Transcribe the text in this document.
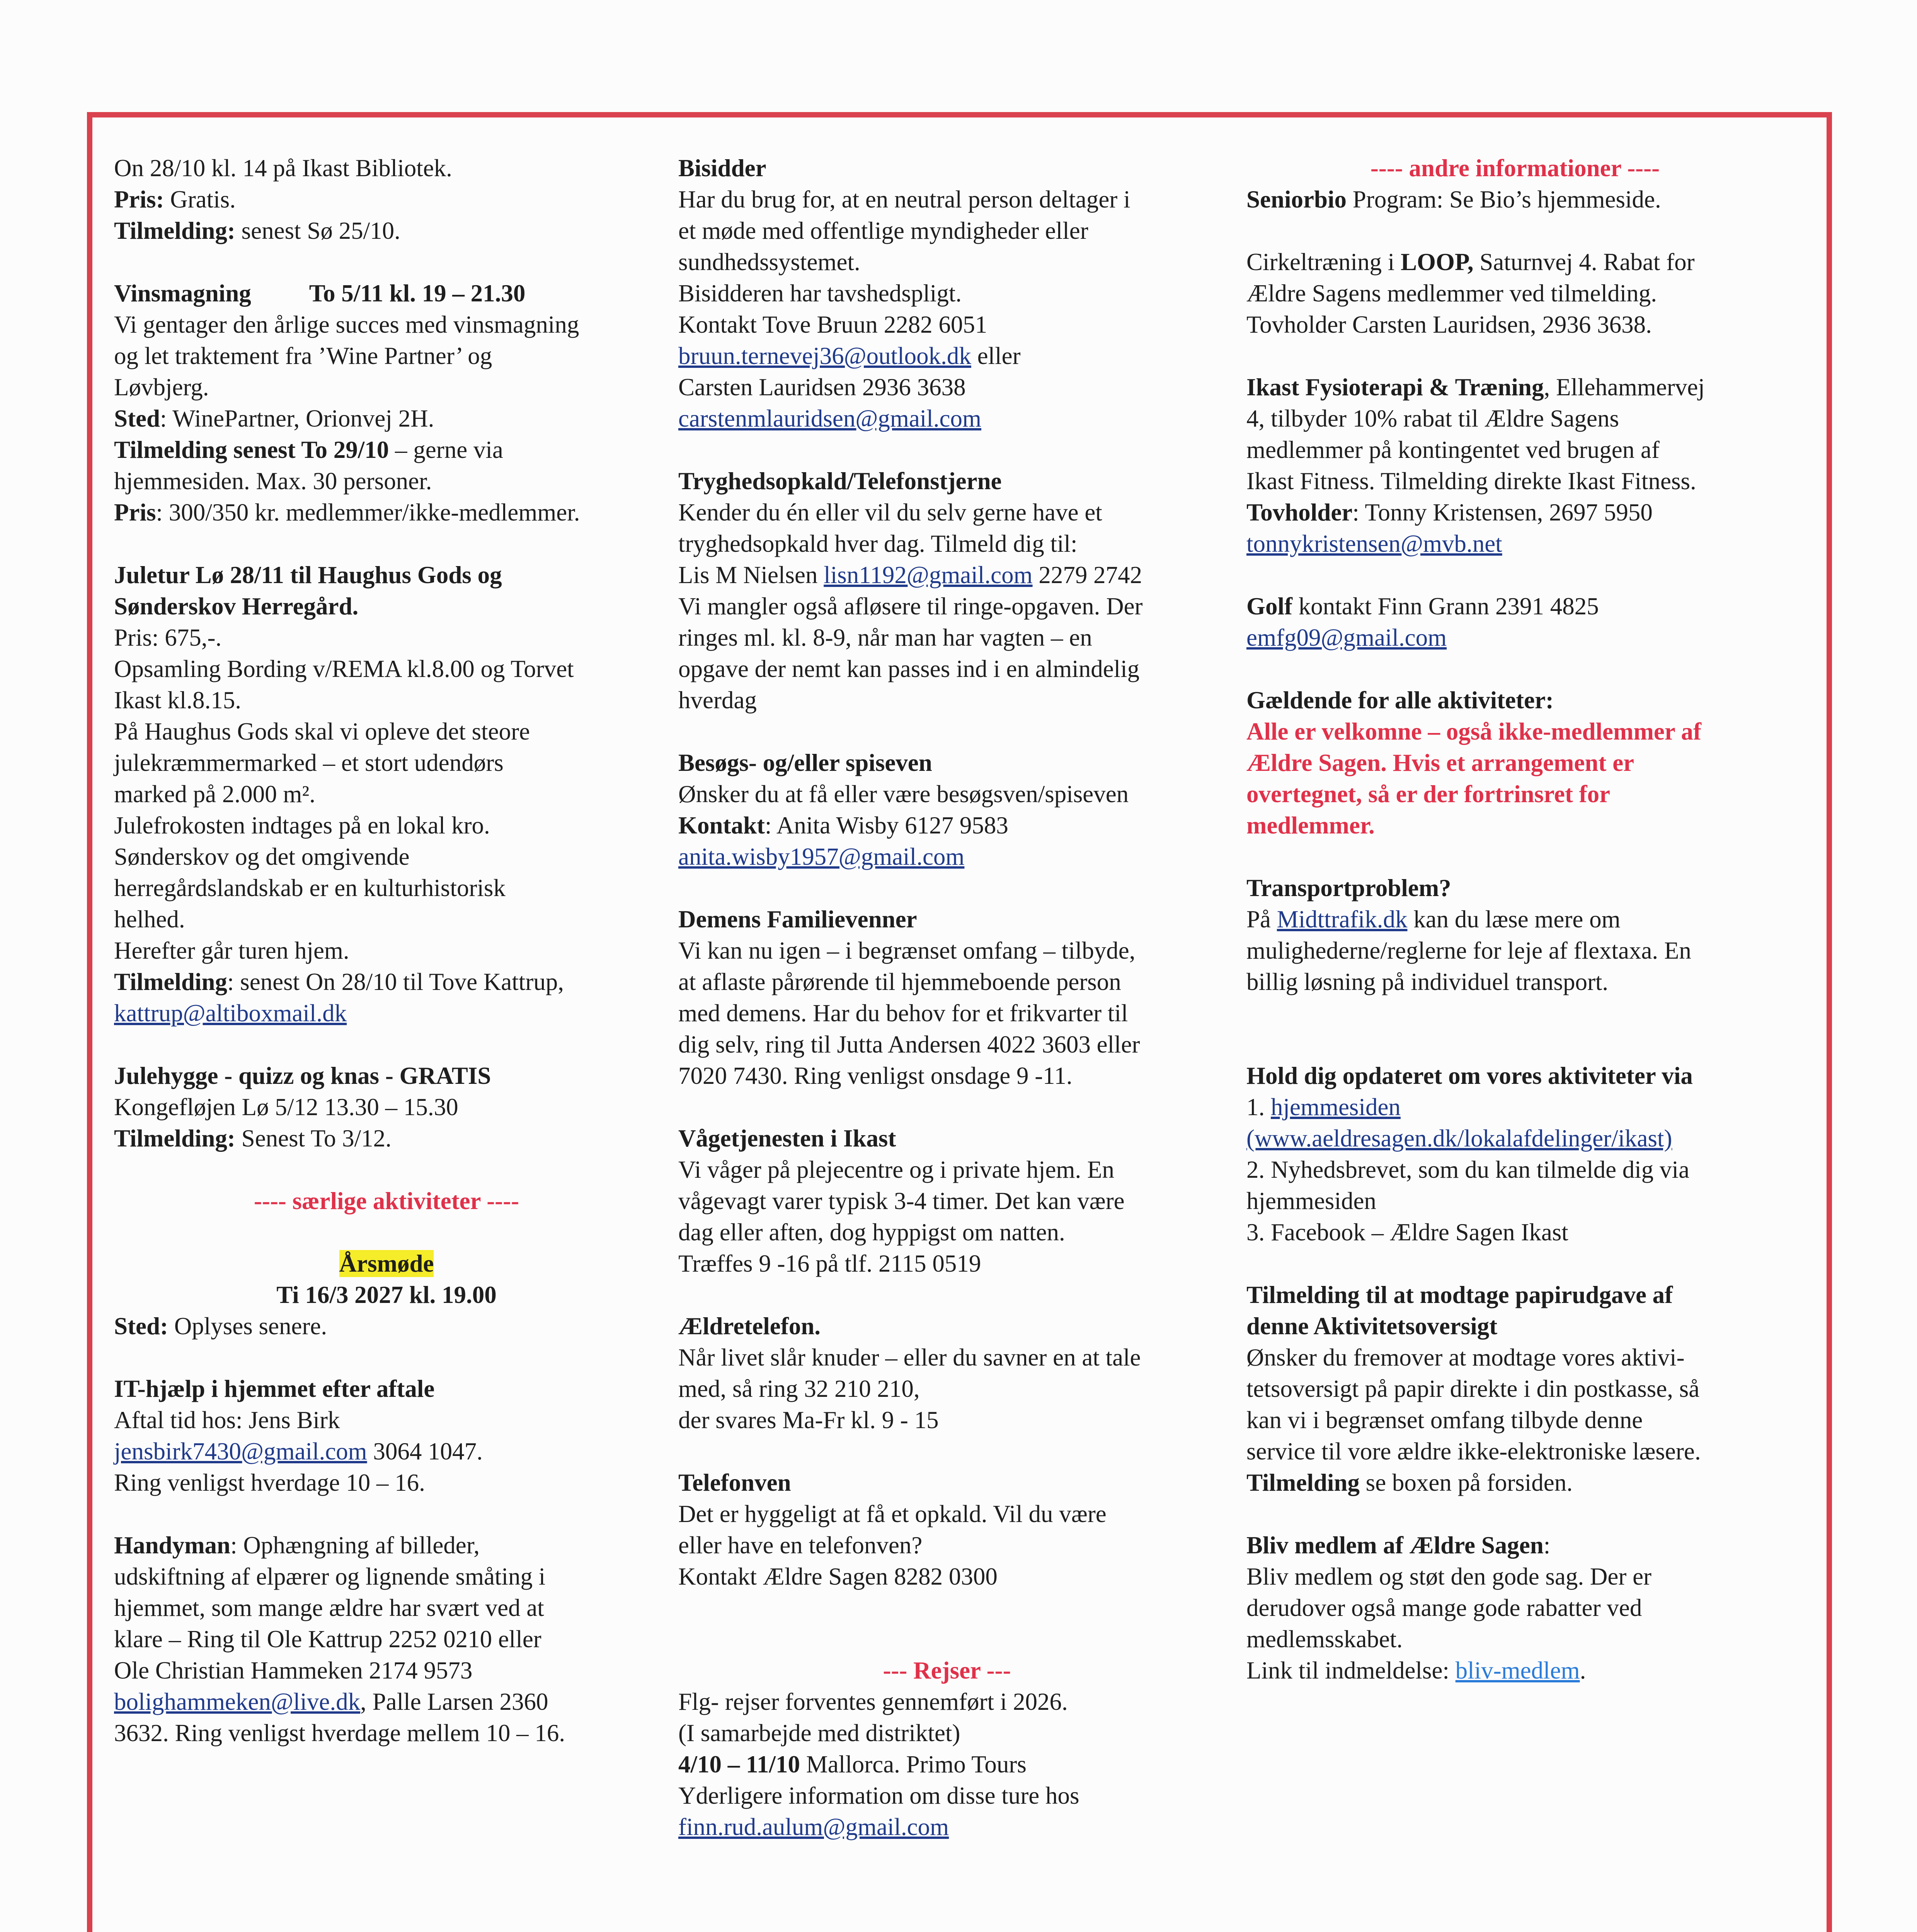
On 28/10 kl. 14 på Ikast Bibliotek.
Pris: Gratis.
Tilmelding: senest Sø 25/10.
Vinsmagning To 5/11 kl. 19 – 21.30
Vi gentager den årlige succes med vinsmagning
og let traktement fra ’Wine Partner’ og
Løvbjerg.
Sted: WinePartner, Orionvej 2H.
Tilmelding senest To 29/10 – gerne via
hjemmesiden. Max. 30 personer.
Pris: 300/350 kr. medlemmer/ikke-medlemmer.
Juletur Lø 28/11 til Haughus Gods og
Sønderskov Herregård.
Pris: 675,-.
Opsamling Bording v/REMA kl.8.00 og Torvet
Ikast kl.8.15.
På Haughus Gods skal vi opleve det steore
julekræmmermarked – et stort udendørs
marked på 2.000 m².
Julefrokosten indtages på en lokal kro.
Sønderskov og det omgivende
herregårdslandskab er en kulturhistorisk
helhed.
Herefter går turen hjem.
Tilmelding: senest On 28/10 til Tove Kattrup,
kattrup@altiboxmail.dk
Julehygge - quizz og knas - GRATIS
Kongefløjen Lø 5/12 13.30 – 15.30
Tilmelding: Senest To 3/12.
---- særlige aktiviteter ----
Årsmøde
Ti 16/3 2027 kl. 19.00
Sted: Oplyses senere.
IT-hjælp i hjemmet efter aftale
Aftal tid hos: Jens Birk
jensbirk7430@gmail.com 3064 1047.
Ring venligst hverdage 10 – 16.
Handyman: Ophængning af billeder,
udskiftning af elpærer og lignende småting i
hjemmet, som mange ældre har svært ved at
klare – Ring til Ole Kattrup 2252 0210 eller
Ole Christian Hammeken 2174 9573
bolighammeken@live.dk, Palle Larsen 2360
3632. Ring venligst hverdage mellem 10 – 16.
Bisidder
Har du brug for, at en neutral person deltager i
et møde med offentlige myndigheder eller
sundhedssystemet.
Bisidderen har tavshedspligt.
Kontakt Tove Bruun 2282 6051
bruun.ternevej36@outlook.dk eller
Carsten Lauridsen 2936 3638
carstenmlauridsen@gmail.com
Tryghedsopkald/Telefonstjerne
Kender du én eller vil du selv gerne have et
tryghedsopkald hver dag. Tilmeld dig til:
Lis M Nielsen lisn1192@gmail.com 2279 2742
Vi mangler også afløsere til ringe-opgaven. Der
ringes ml. kl. 8-9, når man har vagten – en
opgave der nemt kan passes ind i en almindelig
hverdag
Besøgs- og/eller spiseven
Ønsker du at få eller være besøgsven/spiseven
Kontakt: Anita Wisby 6127 9583
anita.wisby1957@gmail.com
Demens Familievenner
Vi kan nu igen – i begrænset omfang – tilbyde,
at aflaste pårørende til hjemmeboende person
med demens. Har du behov for et frikvarter til
dig selv, ring til Jutta Andersen 4022 3603 eller
7020 7430. Ring venligst onsdage 9 -11.
Vågetjenesten i Ikast
Vi våger på plejecentre og i private hjem. En
vågevagt varer typisk 3-4 timer. Det kan være
dag eller aften, dog hyppigst om natten.
Træffes 9 -16 på tlf. 2115 0519
Ældretelefon.
Når livet slår knuder – eller du savner en at tale
med, så ring 32 210 210,
der svares Ma-Fr kl. 9 - 15
Telefonven
Det er hyggeligt at få et opkald. Vil du være
eller have en telefonven?
Kontakt Ældre Sagen 8282 0300
--- Rejser ---
Flg- rejser forventes gennemført i 2026.
(I samarbejde med distriktet)
4/10 – 11/10 Mallorca. Primo Tours
Yderligere information om disse ture hos
finn.rud.aulum@gmail.com
---- andre informationer ----
Seniorbio Program: Se Bio’s hjemmeside.
Cirkeltræning i LOOP, Saturnvej 4. Rabat for
Ældre Sagens medlemmer ved tilmelding.
Tovholder Carsten Lauridsen, 2936 3638.
Ikast Fysioterapi & Træning, Ellehammervej
4, tilbyder 10% rabat til Ældre Sagens
medlemmer på kontingentet ved brugen af
Ikast Fitness. Tilmelding direkte Ikast Fitness.
Tovholder: Tonny Kristensen, 2697 5950
tonnykristensen@mvb.net
Golf kontakt Finn Grann 2391 4825
emfg09@gmail.com
Gældende for alle aktiviteter:
Alle er velkomne – også ikke-medlemmer af
Ældre Sagen. Hvis et arrangement er
overtegnet, så er der fortrinsret for
medlemmer.
Transportproblem?
På Midttrafik.dk kan du læse mere om
mulighederne/reglerne for leje af flextaxa. En
billig løsning på individuel transport.
Hold dig opdateret om vores aktiviteter via
1. hjemmesiden
(www.aeldresagen.dk/lokalafdelinger/ikast)
2. Nyhedsbrevet, som du kan tilmelde dig via
hjemmesiden
3. Facebook – Ældre Sagen Ikast
Tilmelding til at modtage papirudgave af
denne Aktivitetsoversigt
Ønsker du fremover at modtage vores aktivi-
tetsoversigt på papir direkte i din postkasse, så
kan vi i begrænset omfang tilbyde denne
service til vore ældre ikke-elektroniske læsere.
Tilmelding se boxen på forsiden.
Bliv medlem af Ældre Sagen:
Bliv medlem og støt den gode sag. Der er
derudover også mange gode rabatter ved
medlemsskabet.
Link til indmeldelse: bliv-medlem.
